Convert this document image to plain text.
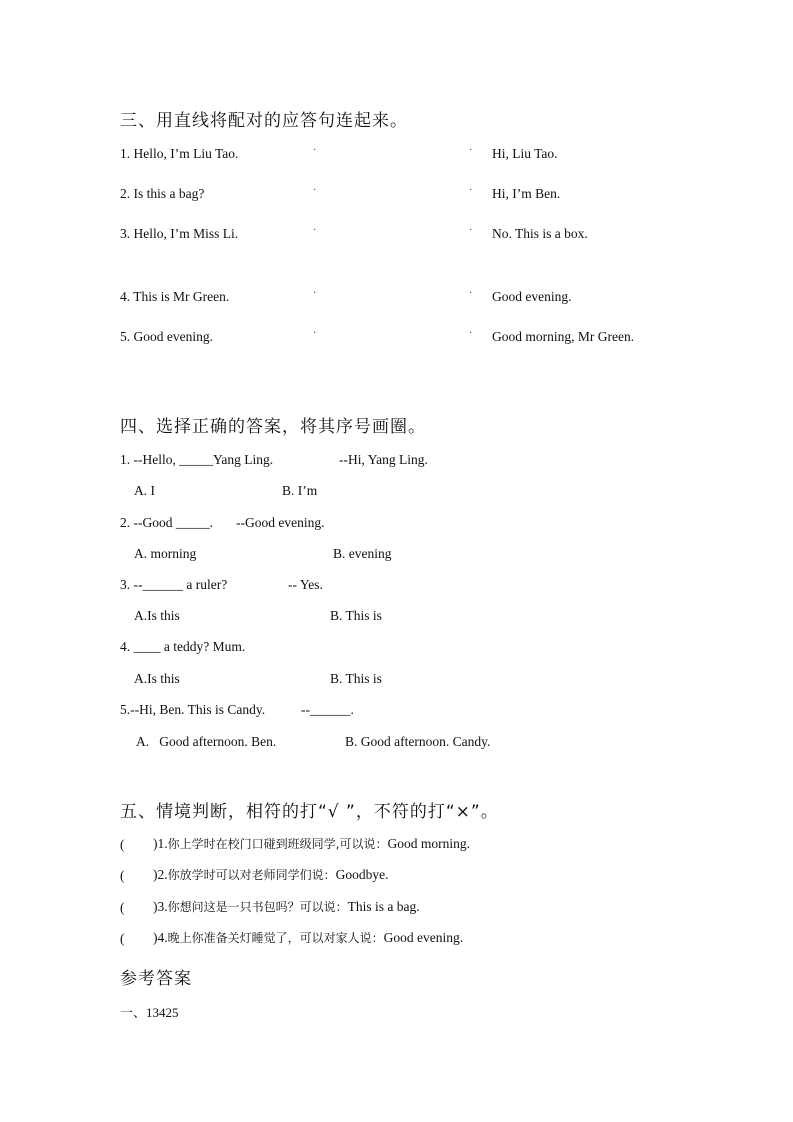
三、用直线将配对的应答句连起来。
1. Hello, I’m Liu Tao.	·	· Hi, Liu Tao.
2. Is this a bag?	·	· Hi, I’m Ben.
3. Hello, I’m Miss Li.	·	· No. This is a box.
4. This is Mr Green.	·	· Good evening.
5. Good evening.	·	· Good morning, Mr Green.
四、选择正确的答案，将其序号画圈。
1. --Hello, _____Yang Ling.	--Hi, Yang Ling.
A. I	B. I’m
2. --Good _____. --Good evening.
A. morning	B. evening
3. --______ a ruler?	-- Yes.
A.Is this	B. This is
4. ____ a teddy? Mum.
A.Is this	B. This is
5.--Hi, Ben. This is Candy.	--______.
A.   Good afternoon. Ben.	B. Good afternoon. Candy.
五、情境判断，相符的打“√ ”，不符的打“×”。
( )1.你上学时在校门口碰到班级同学,可以说：Good morning.
( )2.你放学时可以对老师同学们说：Goodbye.
( )3.你想问这是一只书包吗？可以说：This is a bag.
( )4.晚上你准备关灯睡觉了，可以对家人说：Good evening.
参考答案
一、13425
